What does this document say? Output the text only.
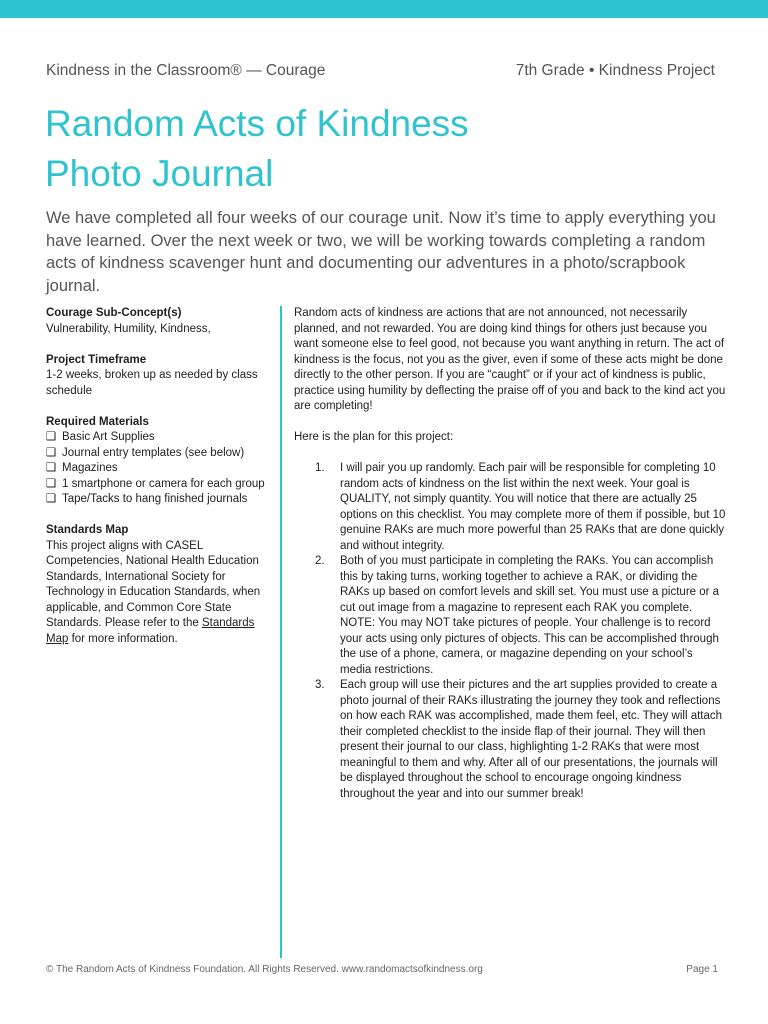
Kindness in the Classroom® — Courage	7th Grade • Kindness Project
Random Acts of Kindness
Photo Journal

We have completed all four weeks of our courage unit. Now it’s time to apply everything you have learned. Over the next week or two, we will be working towards completing a random acts of kindness scavenger hunt and documenting our adventures in a photo/scrapbook journal.

Courage Sub-Concept(s)

Vulnerability, Humility, Kindness,

Project Timeframe

1-2 weeks, broken up as needed by class schedule

Required Materials
❑ Basic Art Supplies
❑ Journal entry templates (see below)
❑ Magazines
❑ 1 smartphone or camera for each group
❑ Tape/Tacks to hang finished journals
Standards Map

This project aligns with CASEL Competencies, National Health Education Standards, International Society for Technology in Education Standards, when applicable, and Common Core State Standards. Please refer to the Standards Map for more information.

Random acts of kindness are actions that are not announced, not necessarily planned, and not rewarded. You are doing kind things for others just because you want someone else to feel good, not because you want anything in return. The act of kindness is the focus, not you as the giver, even if some of these acts might be done directly to the other person. If you are “caught” or if your act of kindness is public, practice using humility by deflecting the praise off of you and back to the kind act you are completing!

Here is the plan for this project:

1. I will pair you up randomly. Each pair will be responsible for completing 10 random acts of kindness on the list within the next week. Your goal is QUALITY, not simply quantity. You will notice that there are actually 25 options on this checklist. You may complete more of them if possible, but 10 genuine RAKs are much more powerful than 25 RAKs that are done quickly and without integrity.
2. Both of you must participate in completing the RAKs. You can accomplish this by taking turns, working together to achieve a RAK, or dividing the RAKs up based on comfort levels and skill set. You must use a picture or a cut out image from a magazine to represent each RAK you complete. NOTE: You may NOT take pictures of people. Your challenge is to record your acts using only pictures of objects. This can be accomplished through the use of a phone, camera, or magazine depending on your school’s media restrictions.
3. Each group will use their pictures and the art supplies provided to create a photo journal of their RAKs illustrating the journey they took and reflections on how each RAK was accomplished, made them feel, etc. They will attach their completed checklist to the inside flap of their journal. They will then present their journal to our class, highlighting 1-2 RAKs that were most meaningful to them and why. After all of our presentations, the journals will be displayed throughout the school to encourage ongoing kindness throughout the year and into our summer break!
© The Random Acts of Kindness Foundation. All Rights Reserved. www.randomactsofkindness.org	Page 1
